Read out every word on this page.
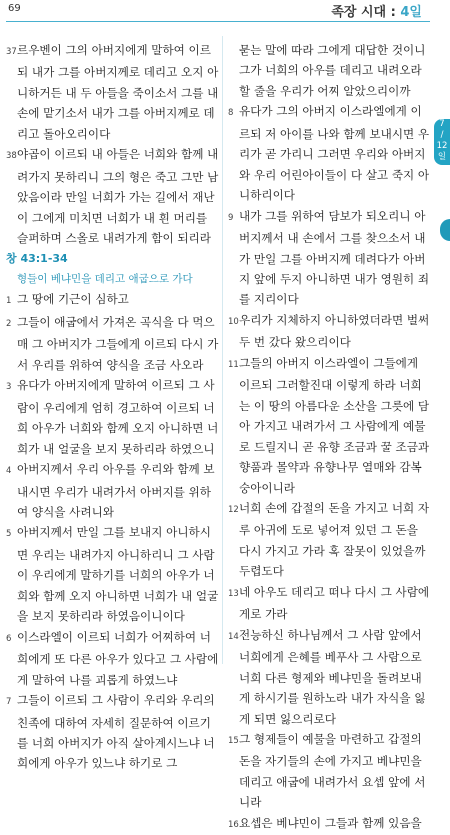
69	족장 시대 : 4일
37르우벤이 그의 아버지에게 말하여 이르되 내가 그를 아버지께로 데리고 오지 아니하거든 내 두 아들을 죽이소서 그를 내 손에 맡기소서 내가 그를 아버지께로 데리고 돌아오리이다
38야곱이 이르되 내 아들은 너희와 함께 내려가지 못하리니 그의 형은 죽고 그만 남았음이라 만일 너희가 가는 길에서 재난이 그에게 미치면 너희가 내 흰 머리를 슬퍼하며 스올로 내려가게 함이 되리라
창 43:1-34
형들이 베냐민을 데리고 애굽으로 가다
1 그 땅에 기근이 심하고
2 그들이 애굽에서 가져온 곡식을 다 먹으매 그 아버지가 그들에게 이르되 다시 가서 우리를 위하여 양식을 조금 사오라
3 유다가 아버지에게 말하여 이르되 그 사람이 우리에게 엄히 경고하여 이르되 너희 아우가 너희와 함께 오지 아니하면 너희가 내 얼굴을 보지 못하리라 하였으니
4 아버지께서 우리 아우를 우리와 함께 보내시면 우리가 내려가서 아버지를 위하여 양식을 사려니와
5 아버지께서 만일 그를 보내지 아니하시면 우리는 내려가지 아니하리니 그 사람이 우리에게 말하기를 너희의 아우가 너희와 함께 오지 아니하면 너희가 내 얼굴을 보지 못하리라 하였음이니이다
6 이스라엘이 이르되 너희가 어찌하여 너희에게 또 다른 아우가 있다고 그 사람에게 말하여 나를 괴롭게 하였느냐
7 그들이 이르되 그 사람이 우리와 우리의 친족에 대하여 자세히 질문하여 이르기를 너희 아버지가 아직 살아계시느냐 너희에게 아우가 있느냐 하기로 그
묻는 말에 따라 그에게 대답한 것이니 그가 너희의 아우를 데리고 내려오라 할 줄을 우리가 어찌 알았으리이까
8 유다가 그의 아버지 이스라엘에게 이르되 저 아이를 나와 함께 보내시면 우리가 곧 가리니 그러면 우리와 아버지와 우리 어린아이들이 다 살고 죽지 아니하리이다
9 내가 그를 위하여 담보가 되오리니 아버지께서 내 손에서 그를 찾으소서 내가 만일 그를 아버지께 데려다가 아버지 앞에 두지 아니하면 내가 영원히 죄를 지리이다
10우리가 지체하지 아니하였더라면 벌써 두 번 갔다 왔으리이다
11그들의 아버지 이스라엘이 그들에게 이르되 그러할진대 이렇게 하라 너희는 이 땅의 아름다운 소산을 그릇에 담아 가지고 내려가서 그 사람에게 예물로 드릴지니 곧 유향 조금과 꿀 조금과 향품과 몰약과 유향나무 열매와 감복숭아이니라
12너희 손에 갑절의 돈을 가지고 너희 자루 아귀에 도로 넣어져 있던 그 돈을 다시 가지고 가라 혹 잘못이 있었을까 두렵도다
13네 아우도 데리고 떠나 다시 그 사람에게로 가라
14전능하신 하나님께서 그 사람 앞에서 너희에게 은혜를 베푸사 그 사람으로 너희 다른 형제와 베냐민을 돌려보내게 하시기를 원하노라 내가 자식을 잃게 되면 잃으리로다
15그 형제들이 예물을 마련하고 갑절의 돈을 자기들의 손에 가지고 베냐민을 데리고 애굽에 내려가서 요셉 앞에 서니라
16요셉은 베냐민이 그들과 함께 있음을
7
/
12
일
